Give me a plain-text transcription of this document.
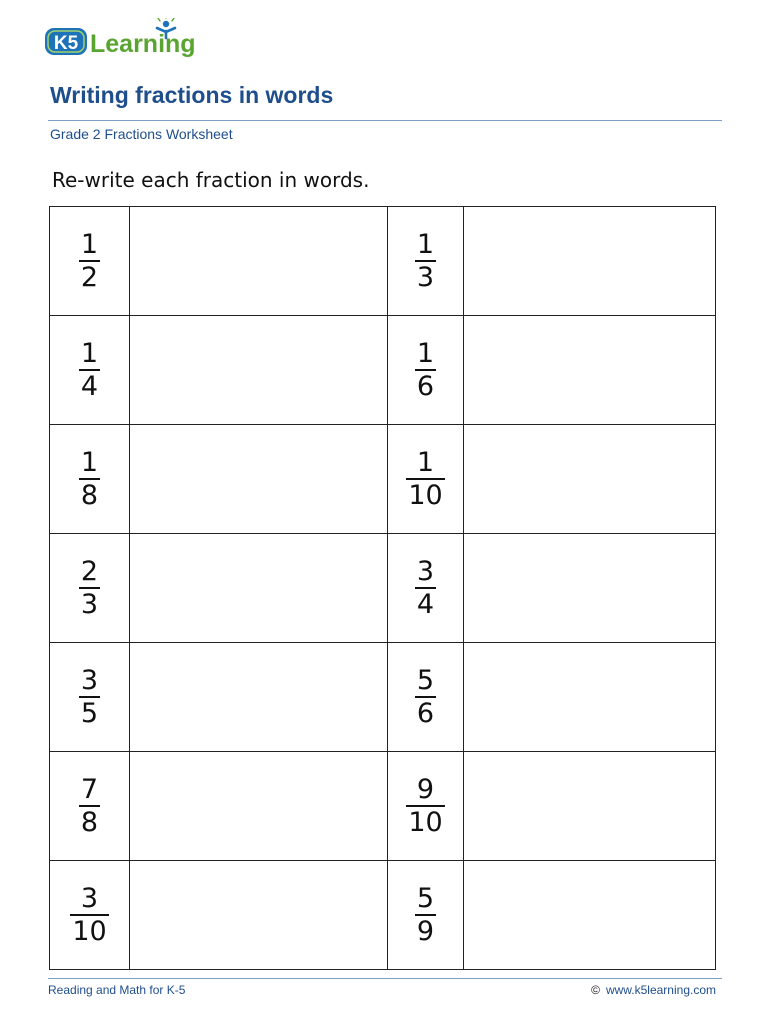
K5 Learning
Writing fractions in words
Grade 2 Fractions Worksheet
Re-write each fraction in words.
$\frac{1}{2}$		$\frac{1}{3}$

$\frac{1}{4}$		$\frac{1}{6}$

$\frac{1}{8}$		$\frac{1}{10}$

$\frac{2}{3}$		$\frac{3}{4}$

$\frac{3}{5}$		$\frac{5}{6}$

$\frac{7}{8}$		$\frac{9}{10}$

$\frac{3}{10}$		$\frac{5}{9}$

Reading and Math for K-5	© www.k5learning.com
